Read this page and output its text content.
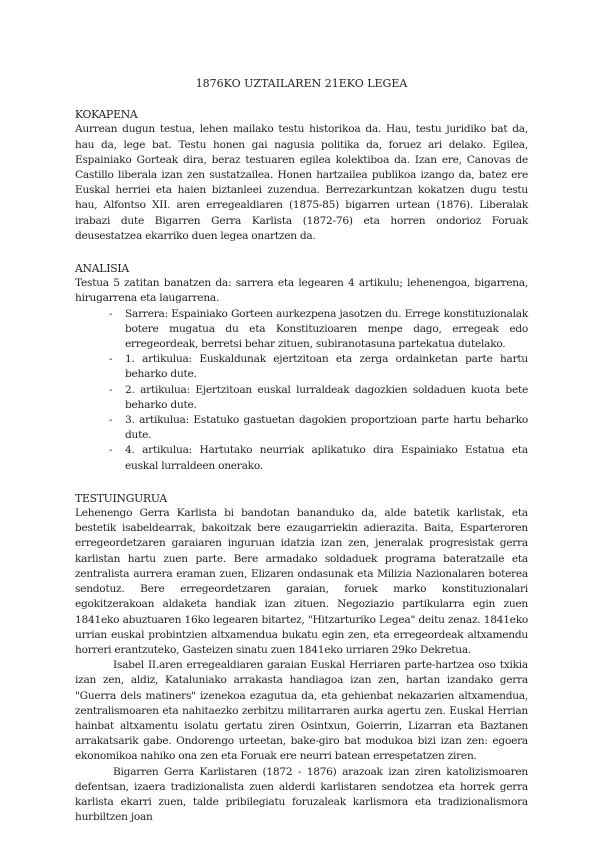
1876KO UZTAILAREN 21EKO LEGEA
KOKAPENA

Aurrean dugun testua, lehen mailako testu historikoa da. Hau, testu juridiko bat da, hau da, lege bat. Testu honen gai nagusia politika da, foruez ari delako. Egilea, Espainiako Gorteak dira, beraz testuaren egilea kolektiboa da. Izan ere, Canovas de Castillo liberala izan zen sustatzailea. Honen hartzailea publikoa izango da, batez ere Euskal herriei eta haien biztanleei zuzendua. Berrezarkuntzan kokatzen dugu testu hau, Alfontso XII. aren erregealdiaren (1875-85) bigarren urtean (1876). Liberalak irabazi dute Bigarren Gerra Karlista (1872-76) eta horren ondorioz Foruak deusestatzea ekarriko duen legea onartzen da.

ANALISIA

Testua 5 zatitan banatzen da: sarrera eta legearen 4 artikulu; lehenengoa, bigarrena, hirugarrena eta laugarrena.

- Sarrera: Espainiako Gorteen aurkezpena jasotzen du. Errege konstituzionalak botere mugatua du eta Konstituzioaren menpe dago, erregeak edo erregeordeak, berretsi behar zituen, subiranotasuna partekatua dutelako.
- 1. artikulua: Euskaldunak ejertzitoan eta zerga ordainketan parte hartu beharko dute.
- 2. artikulua: Ejertzitoan euskal lurraldeak dagozkien soldaduen kuota bete beharko dute.
- 3. artikulua: Estatuko gastuetan dagokien proportzioan parte hartu beharko dute.
- 4. artikulua: Hartutako neurriak aplikatuko dira Espainiako Estatua eta euskal lurraldeen onerako.
TESTUINGURUA

Lehenengo Gerra Karlista bi bandotan bananduko da, alde batetik karlistak, eta bestetik isabeldearrak, bakoitzak bere ezaugarriekin adierazita. Baita, Esparteroren erregeordetzaren garaiaren inguruan idatzia izan zen, jeneralak progresistak gerra karlistan hartu zuen parte. Bere armadako soldaduek programa bateratzaile eta zentralista aurrera eraman zuen, Elizaren ondasunak eta Milizia Nazionalaren boterea sendotuz. Bere erregeordetzaren garaian, foruek marko konstituzionalari egokitzerakoan aldaketa handiak izan zituen. Negoziazio partikularra egin zuen 1841eko abuztuaren 16ko legearen bitartez, "Hitzarturiko Legea" deitu zenaz. 1841eko urrian euskal probintzien altxamendua bukatu egin zen, eta erregeordeak altxamendu horreri erantzuteko, Gasteizen sinatu zuen 1841eko urriaren 29ko Dekretua.

Isabel II.aren erregealdiaren garaian Euskal Herriaren parte-hartzea oso txikia izan zen, aldiz, Kataluniako arrakasta handiagoa izan zen, hartan izandako gerra "Guerra dels matiners" izenekoa ezagutua da, eta gehienbat nekazarien altxamendua, zentralismoaren eta nahitaezko zerbitzu militarraren aurka agertu zen. Euskal Herrian hainbat altxamentu isolatu gertatu ziren Osintxun, Goierrin, Lizarran eta Baztanen arrakatsarik gabe. Ondorengo urteetan, bake-giro bat modukoa bizi izan zen: egoera ekonomikoa nahiko ona zen eta Foruak ere neurri batean errespetatzen ziren.

Bigarren Gerra Karlistaren (1872 - 1876) arazoak izan ziren katolizismoaren defentsan, izaera tradizionalista zuen alderdi karlistaren sendotzea eta horrek gerra karlista ekarri zuen, talde pribilegiatu foruzaleak karlismora eta tradizionalismora hurbiltzen joan
